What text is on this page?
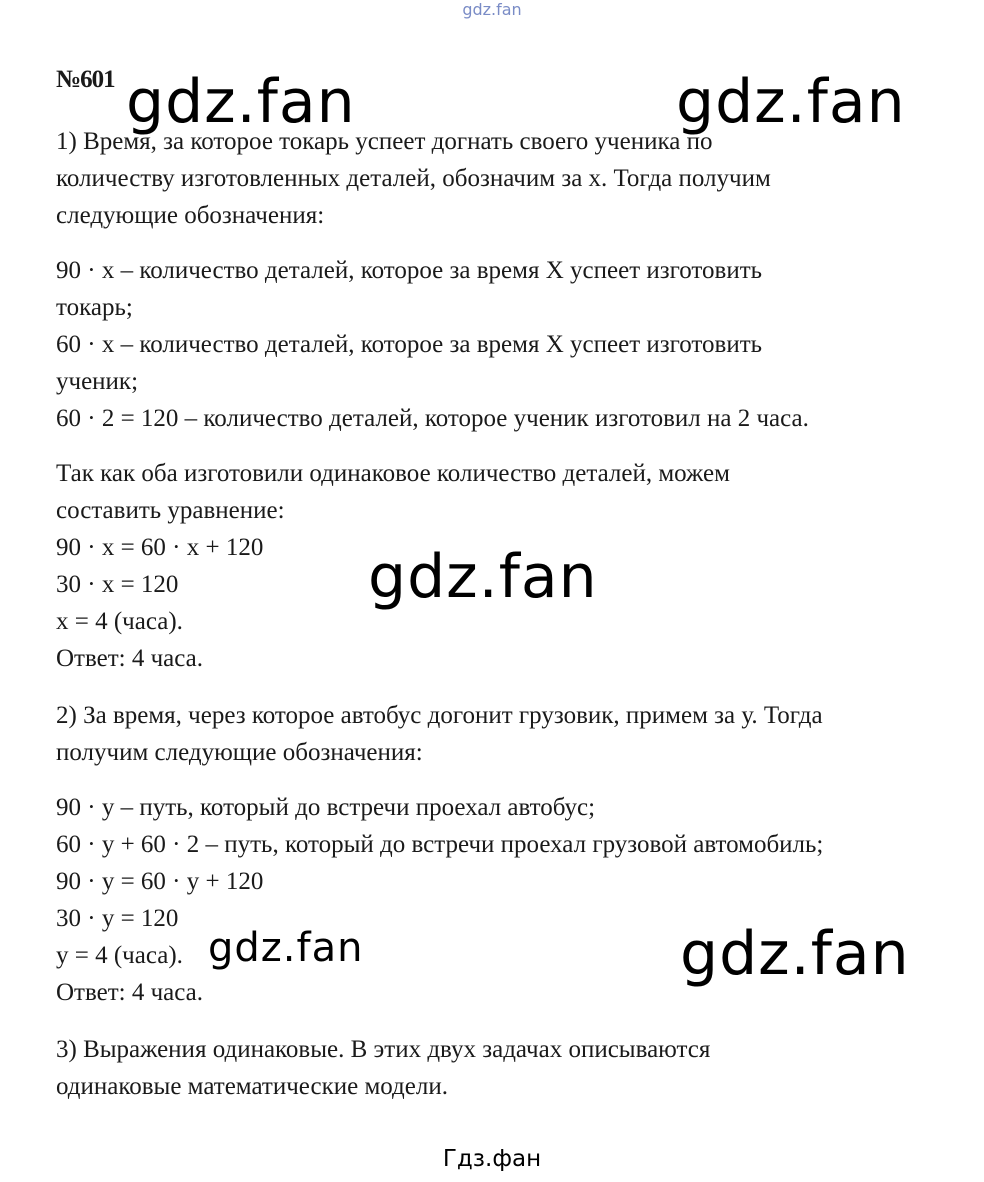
gdz.fan
№601
1) Время, за которое токарь успеет догнать своего ученика по
количеству изготовленных деталей, обозначим за х. Тогда получим
следующие обозначения:
90 · х – количество деталей, которое за время Х успеет изготовить
токарь;
60 · х – количество деталей, которое за время Х успеет изготовить
ученик;
60 · 2 = 120 – количество деталей, которое ученик изготовил на 2 часа.
Так как оба изготовили одинаковое количество деталей, можем
составить уравнение:
90 · х = 60 · х + 120
30 · х = 120
х = 4 (часа).
Ответ: 4 часа.
2) За время, через которое автобус догонит грузовик, примем за у. Тогда
получим следующие обозначения:
90 · у – путь, который до встречи проехал автобус;
60 · у + 60 · 2 – путь, который до встречи проехал грузовой автомобиль;
90 · у = 60 · у + 120
30 · у = 120
у = 4 (часа).
Ответ: 4 часа.
3) Выражения одинаковые. В этих двух задачах описываются
одинаковые математические модели.
gdz.fan	gdz.fan
gdz.fan
gdz.fan	gdz.fan
Гдз.фан
